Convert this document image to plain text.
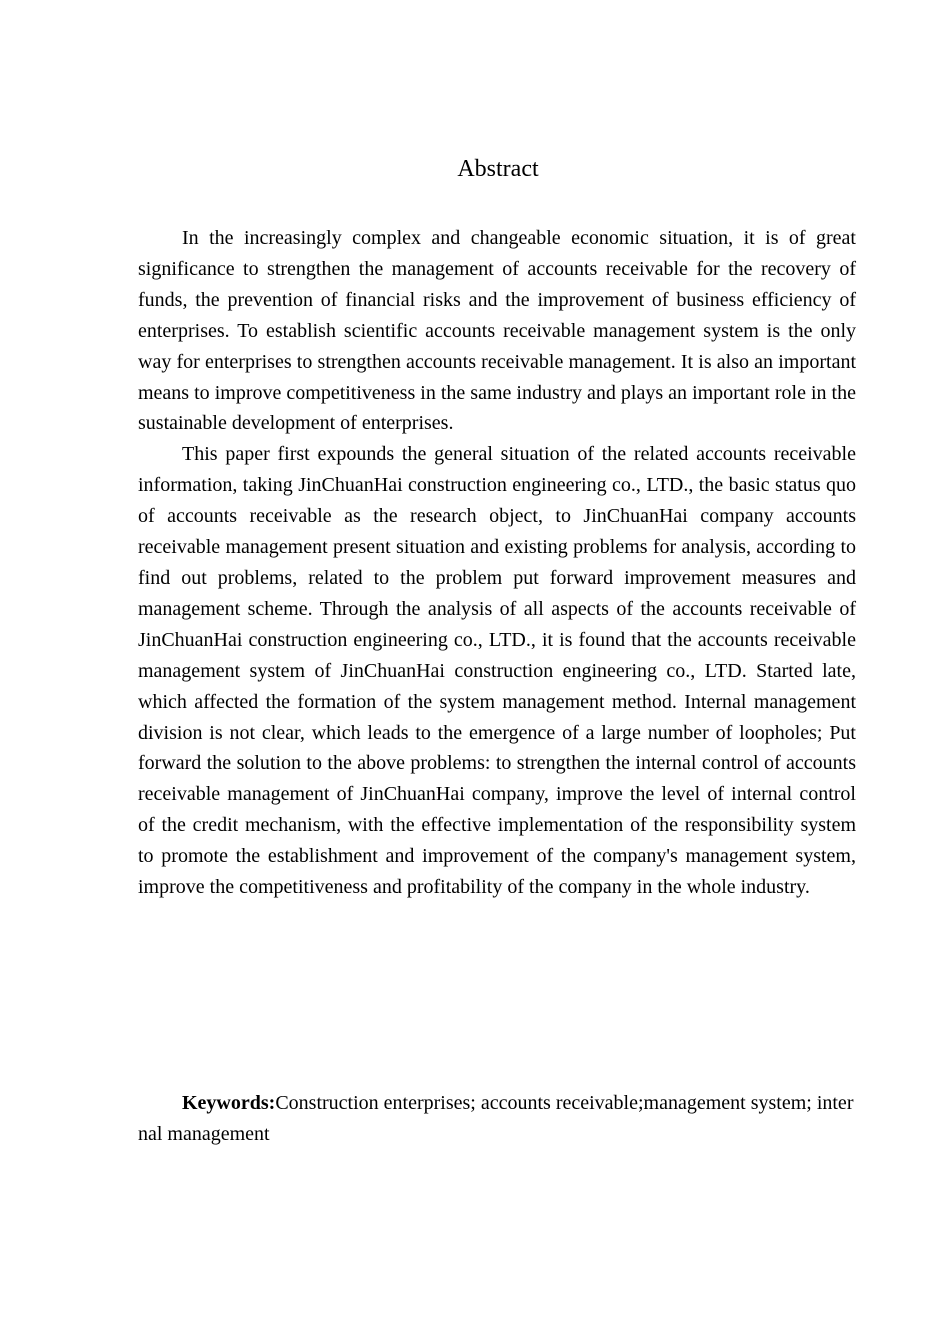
Abstract

In the increasingly complex and changeable economic situation, it is of great significance to strengthen the management of accounts receivable for the recovery of funds, the prevention of financial risks and the improvement of business efficiency of enterprises. To establish scientific accounts receivable management system is the only way for enterprises to strengthen accounts receivable management. It is also an important means to improve competitiveness in the same industry and plays an important role in the sustainable development of enterprises.

This paper first expounds the general situation of the related accounts receivable information, taking JinChuanHai construction engineering co., LTD., the basic status quo of accounts receivable as the research object, to JinChuanHai company accounts receivable management present situation and existing problems for analysis, according to find out problems, related to the problem put forward improvement measures and management scheme. Through the analysis of all aspects of the accounts receivable of JinChuanHai construction engineering co., LTD., it is found that the accounts receivable management system of JinChuanHai construction engineering co., LTD. Started late, which affected the formation of the system management method. Internal management division is not clear, which leads to the emergence of a large number of loopholes; Put forward the solution to the above problems: to strengthen the internal control of accounts receivable management of JinChuanHai company, improve the level of internal control of the credit mechanism, with the effective implementation of the responsibility system to promote the establishment and improvement of the company's management system, improve the competitiveness and profitability of the company in the whole industry.

Keywords:Construction enterprises; accounts receivable;management system; internal management
